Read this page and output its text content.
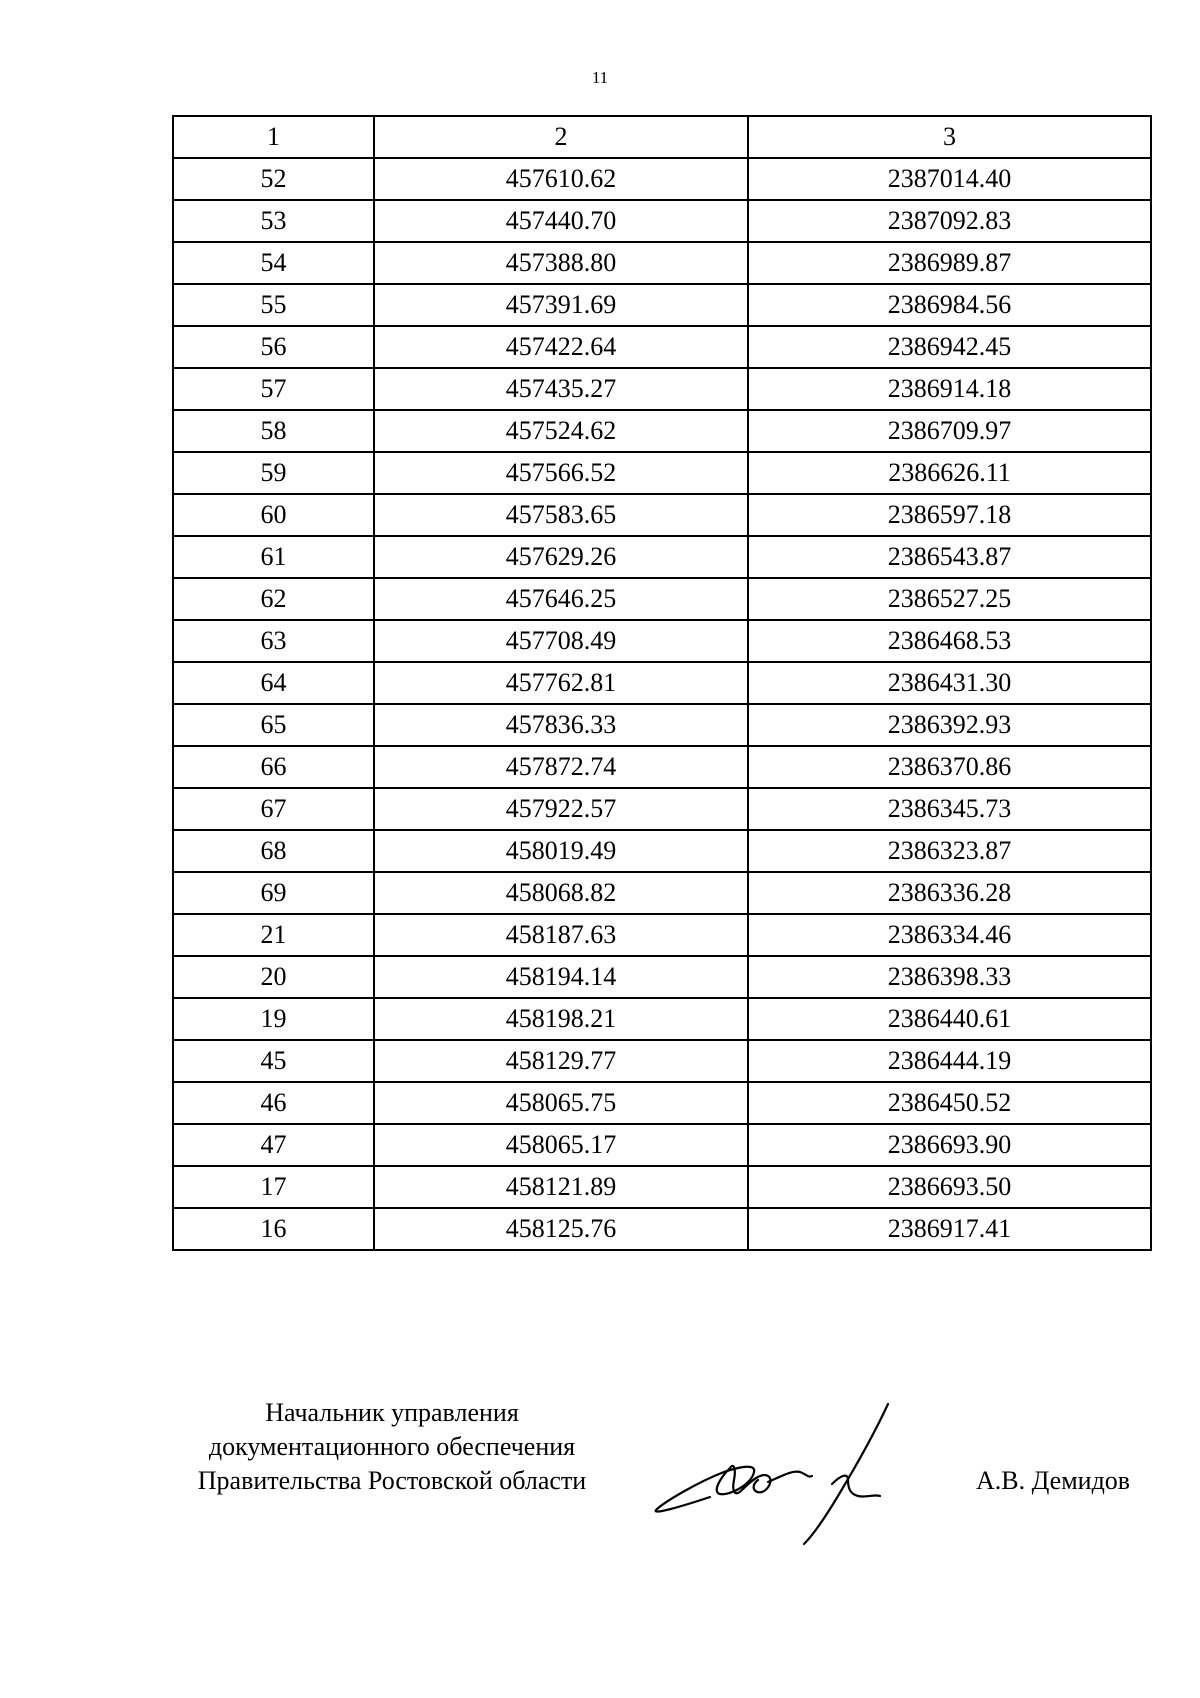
11
1	2	3
52	457610.62	2387014.40
53	457440.70	2387092.83
54	457388.80	2386989.87
55	457391.69	2386984.56
56	457422.64	2386942.45
57	457435.27	2386914.18
58	457524.62	2386709.97
59	457566.52	2386626.11
60	457583.65	2386597.18
61	457629.26	2386543.87
62	457646.25	2386527.25
63	457708.49	2386468.53
64	457762.81	2386431.30
65	457836.33	2386392.93
66	457872.74	2386370.86
67	457922.57	2386345.73
68	458019.49	2386323.87
69	458068.82	2386336.28
21	458187.63	2386334.46
20	458194.14	2386398.33
19	458198.21	2386440.61
45	458129.77	2386444.19
46	458065.75	2386450.52
47	458065.17	2386693.90
17	458121.89	2386693.50
16	458125.76	2386917.41
Начальник управления
документационного обеспечения
Правительства Ростовской области	А.В. Демидов
